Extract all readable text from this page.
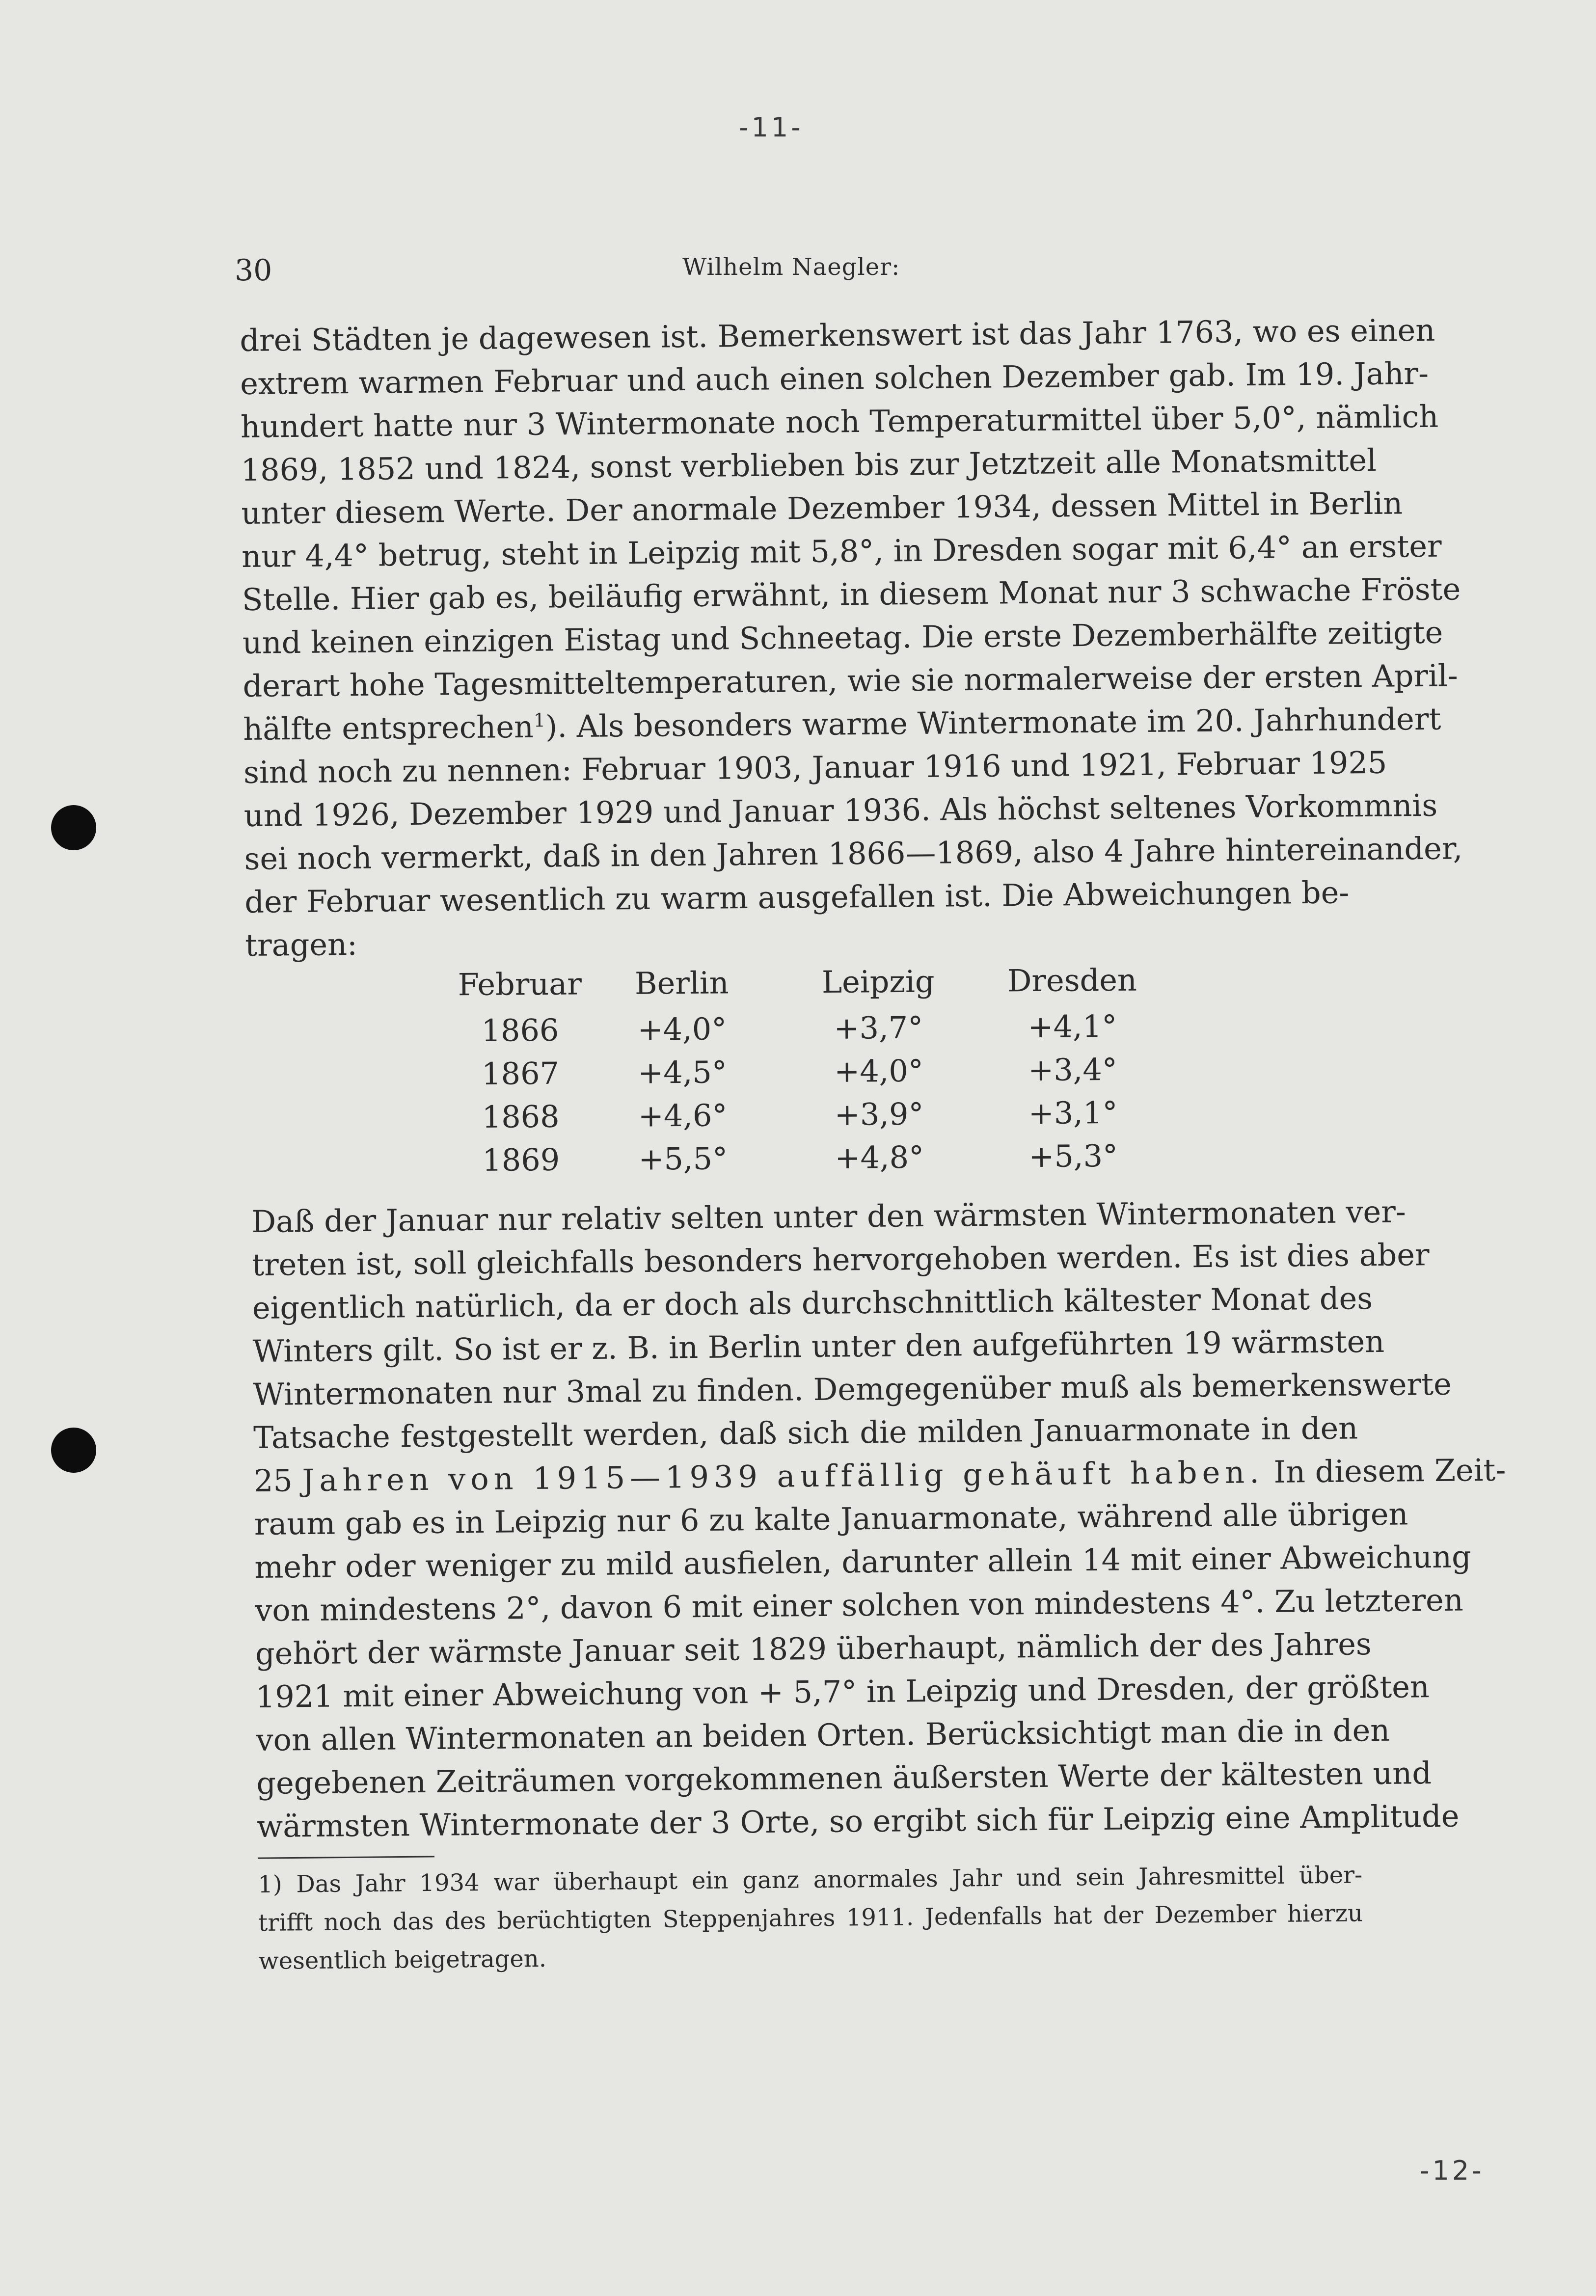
-11-
-12-
30	Wilhelm Naegler:
drei Städten je dagewesen ist. Bemerkenswert ist das Jahr 1763, wo es einen
extrem warmen Februar und auch einen solchen Dezember gab. Im 19. Jahr-
hundert hatte nur 3 Wintermonate noch Temperaturmittel über 5,0°, nämlich
1869, 1852 und 1824, sonst verblieben bis zur Jetztzeit alle Monatsmittel
unter diesem Werte. Der anormale Dezember 1934, dessen Mittel in Berlin
nur 4,4° betrug, steht in Leipzig mit 5,8°, in Dresden sogar mit 6,4° an erster
Stelle. Hier gab es, beiläufig erwähnt, in diesem Monat nur 3 schwache Fröste
und keinen einzigen Eistag und Schneetag. Die erste Dezemberhälfte zeitigte
derart hohe Tagesmitteltemperaturen, wie sie normalerweise der ersten April-
hälfte entsprechen$^1$). Als besonders warme Wintermonate im 20. Jahrhundert
sind noch zu nennen: Februar 1903, Januar 1916 und 1921, Februar 1925
und 1926, Dezember 1929 und Januar 1936. Als höchst seltenes Vorkommnis
sei noch vermerkt, daß in den Jahren 1866—1869, also 4 Jahre hintereinander,
der Februar wesentlich zu warm ausgefallen ist. Die Abweichungen be-
tragen:
Februar	Berlin	Leipzig	Dresden
1866	+4,0°	+3,7°	+4,1°
1867	+4,5°	+4,0°	+3,4°
1868	+4,6°	+3,9°	+3,1°
1869	+5,5°	+4,8°	+5,3°
Daß der Januar nur relativ selten unter den wärmsten Wintermonaten ver-
treten ist, soll gleichfalls besonders hervorgehoben werden. Es ist dies aber
eigentlich natürlich, da er doch als durchschnittlich kältester Monat des
Winters gilt. So ist er z. B. in Berlin unter den aufgeführten 19 wärmsten
Wintermonaten nur 3mal zu finden. Demgegenüber muß als bemerkenswerte
Tatsache festgestellt werden, daß sich die milden Januarmonate in den
25 Jahren von 1915—1939 auffällig gehäuft haben. In diesem Zeit-
raum gab es in Leipzig nur 6 zu kalte Januarmonate, während alle übrigen
mehr oder weniger zu mild ausfielen, darunter allein 14 mit einer Abweichung
von mindestens 2°, davon 6 mit einer solchen von mindestens 4°. Zu letzteren
gehört der wärmste Januar seit 1829 überhaupt, nämlich der des Jahres
1921 mit einer Abweichung von + 5,7° in Leipzig und Dresden, der größten
von allen Wintermonaten an beiden Orten. Berücksichtigt man die in den
gegebenen Zeiträumen vorgekommenen äußersten Werte der kältesten und
wärmsten Wintermonate der 3 Orte, so ergibt sich für Leipzig eine Amplitude
1) Das Jahr 1934 war überhaupt ein ganz anormales Jahr und sein Jahresmittel über-
trifft noch das des berüchtigten Steppenjahres 1911. Jedenfalls hat der Dezember hierzu
wesentlich beigetragen.
